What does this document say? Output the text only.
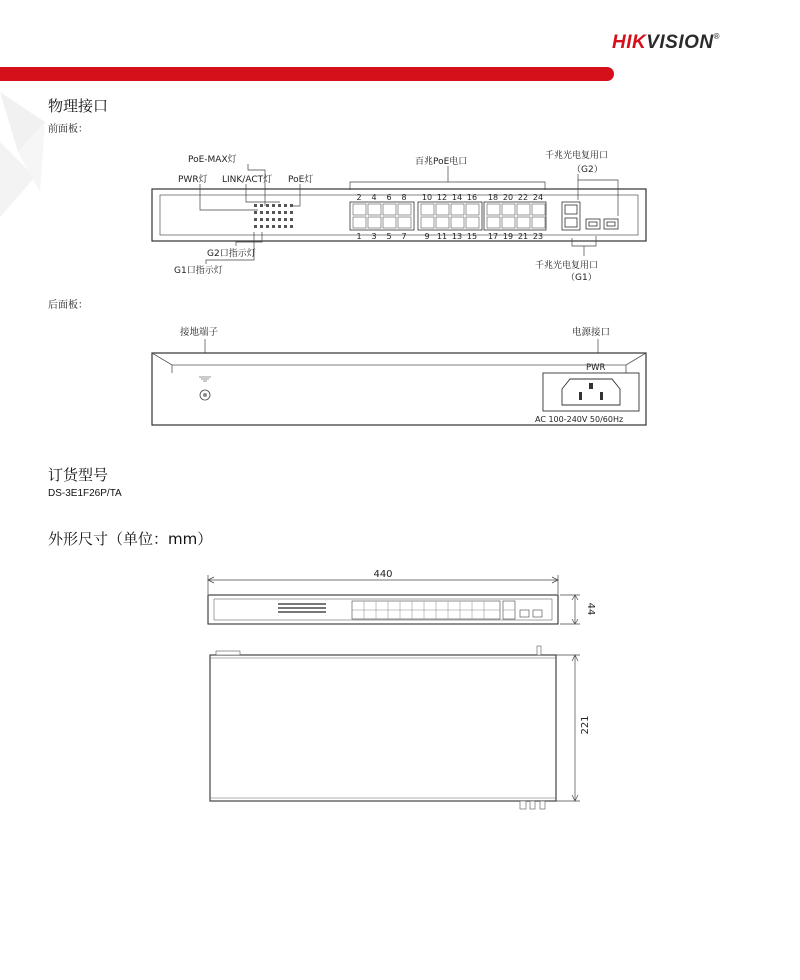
HIKVISION®
物理接口
前面板：
PoE-MAX灯
PWR灯 LINK/ACT灯 PoE灯
百兆PoE电口
千兆光电复用口
（G2）
千兆光电复用口
（G1）
G2口指示灯
G1口指示灯
2 4 6 8 10 12 14 16 18 20 22 24
1 3 5 7 9 11 13 15 17 19 21 23
后面板：
接地端子	电源接口
PWR
AC 100-240V 50/60Hz
订货型号
DS-3E1F26P/TA
外形尺寸（单位：mm）
440
44
221
